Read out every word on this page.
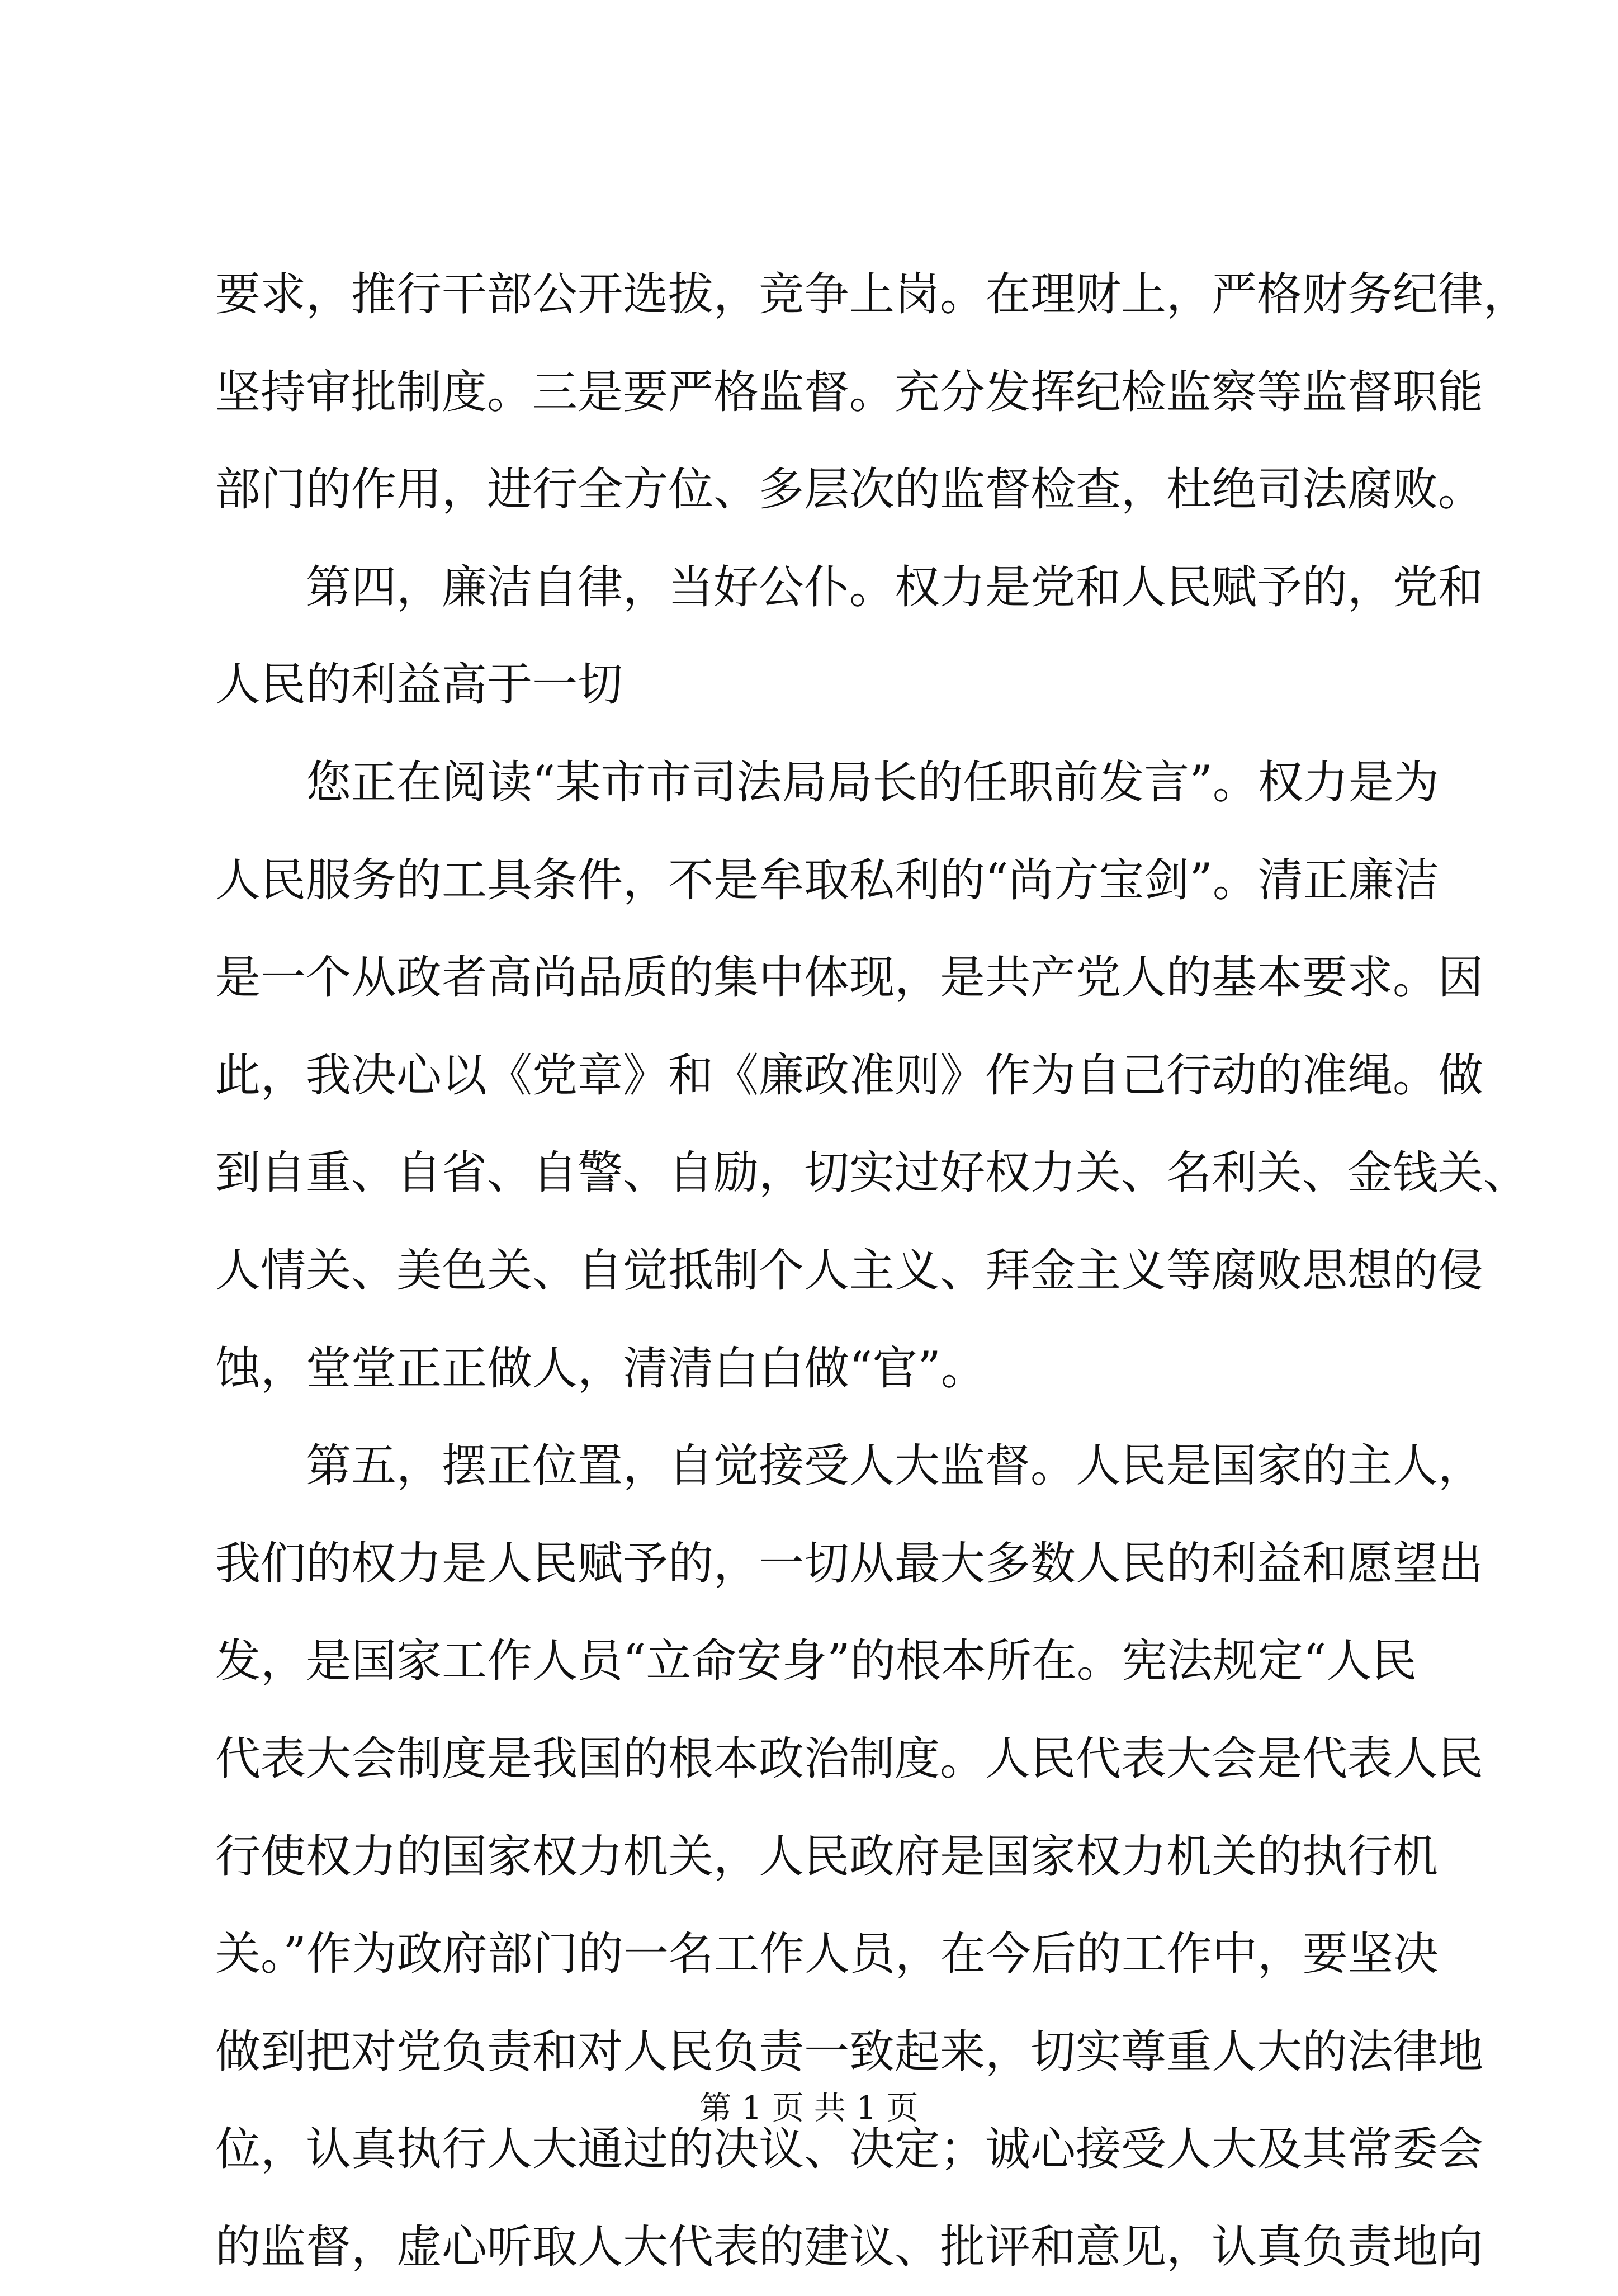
要求，推行干部公开选拔，竞争上岗。在理财上，严格财务纪律，
坚持审批制度。三是要严格监督。充分发挥纪检监察等监督职能
部门的作用，进行全方位、多层次的监督检查，杜绝司法腐败。
　　第四，廉洁自律，当好公仆。权力是党和人民赋予的，党和
人民的利益高于一切
　　您正在阅读“某市市司法局局长的任职前发言”。权力是为
人民服务的工具条件，不是牟取私利的“尚方宝剑”。清正廉洁
是一个从政者高尚品质的集中体现，是共产党人的基本要求。因
此，我决心以《党章》和《廉政准则》作为自己行动的准绳。做
到自重、自省、自警、自励，切实过好权力关、名利关、金钱关、
人情关、美色关、自觉抵制个人主义、拜金主义等腐败思想的侵
蚀，堂堂正正做人，清清白白做“官”。
　　第五，摆正位置，自觉接受人大监督。人民是国家的主人，
我们的权力是人民赋予的，一切从最大多数人民的利益和愿望出
发，是国家工作人员“立命安身”的根本所在。宪法规定“人民
代表大会制度是我国的根本政治制度。人民代表大会是代表人民
行使权力的国家权力机关，人民政府是国家权力机关的执行机
关。”作为政府部门的一名工作人员，在今后的工作中，要坚决
做到把对党负责和对人民负责一致起来，切实尊重人大的法律地
位，认真执行人大通过的决议、决定；诚心接受人大及其常委会
的监督，虚心听取人大代表的建议、批评和意见，认真负责地向
第 1 页 共 1 页
